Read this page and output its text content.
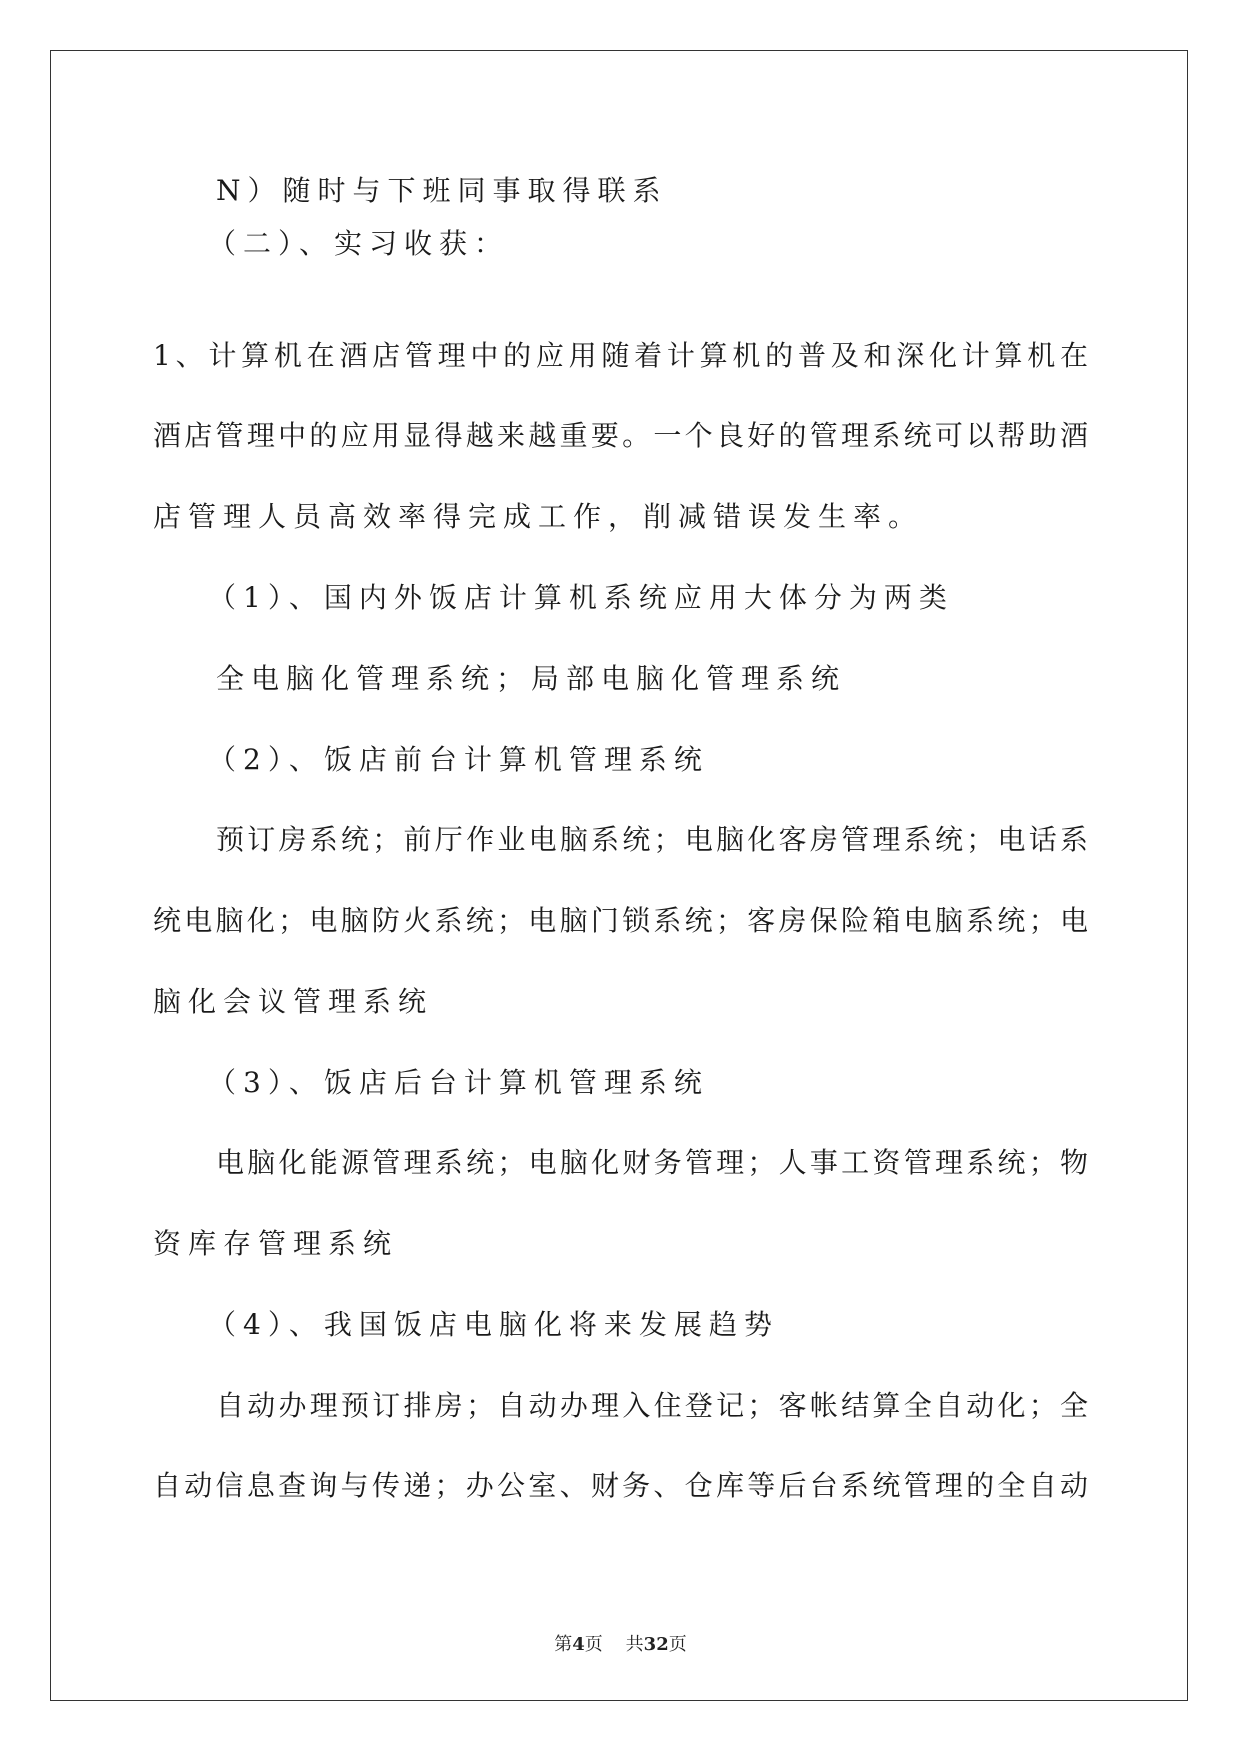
N）随时与下班同事取得联系
（二）、实习收获：
1、计算机在酒店管理中的应用随着计算机的普及和深化计算机在
酒店管理中的应用显得越来越重要。一个良好的管理系统可以帮助酒
店管理人员高效率得完成工作，削减错误发生率。
（1）、国内外饭店计算机系统应用大体分为两类
全电脑化管理系统；局部电脑化管理系统
（2）、饭店前台计算机管理系统
预订房系统；前厅作业电脑系统；电脑化客房管理系统；电话系
统电脑化；电脑防火系统；电脑门锁系统；客房保险箱电脑系统；电
脑化会议管理系统
（3）、饭店后台计算机管理系统
电脑化能源管理系统；电脑化财务管理；人事工资管理系统；物
资库存管理系统
（4）、我国饭店电脑化将来发展趋势
自动办理预订排房；自动办理入住登记；客帐结算全自动化；全
自动信息查询与传递；办公室、财务、仓库等后台系统管理的全自动
第4页 共32页
